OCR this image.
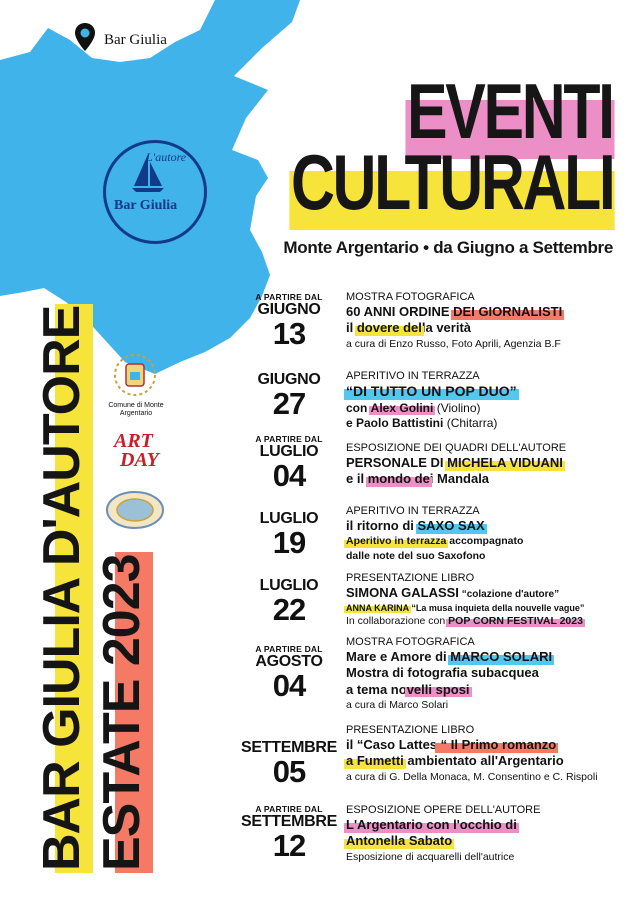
Bar Giulia
L'autore
Bar Giulia
EVENTI
CULTURALI
Monte Argentario • da Giugno a Settembre
BAR GIULIA D'AUTORE ESTATE 2023
Comune di Monte Argentario
ART
DAY
A PARTIRE DAL
GIUGNO
13
MOSTRA FOTOGRAFICA
60 ANNI ORDINE DEI GIORNALISTI
il dovere della verità
a cura di Enzo Russo, Foto Aprili, Agenzia B.F
GIUGNO
27
APERITIVO IN TERRAZZA
“DI TUTTO UN POP DUO”
con Alex Golini (Violino)
e Paolo Battistini (Chitarra)
A PARTIRE DAL
LUGLIO
04
ESPOSIZIONE DEI QUADRI DELL'AUTORE
PERSONALE DI MICHELA VIDUANI
e il mondo dei Mandala
LUGLIO
19
APERITIVO IN TERRAZZA
il ritorno di SAXO SAX
Aperitivo in terrazza accompagnato
dalle note del suo Saxofono
LUGLIO
22
PRESENTAZIONE LIBRO
SIMONA GALASSI “colazione d'autore”
ANNA KARINA “La musa inquieta della nouvelle vague”
In collaborazione con POP CORN FESTIVAL 2023
A PARTIRE DAL
AGOSTO
04
MOSTRA FOTOGRAFICA
Mare e Amore di MARCO SOLARI
Mostra di fotografia subacquea
a tema novelli sposi
a cura di Marco Solari
SETTEMBRE
05
PRESENTAZIONE LIBRO
il “Caso Lattes “ Il Primo romanzo
a Fumetti ambientato all'Argentario
a cura di G. Della Monaca, M. Consentino e C. Rispoli
A PARTIRE DAL
SETTEMBRE
12
ESPOSIZIONE OPERE DELL'AUTORE
L'Argentario con l'occhio di
Antonella Sabato
Esposizione di acquarelli dell'autrice
